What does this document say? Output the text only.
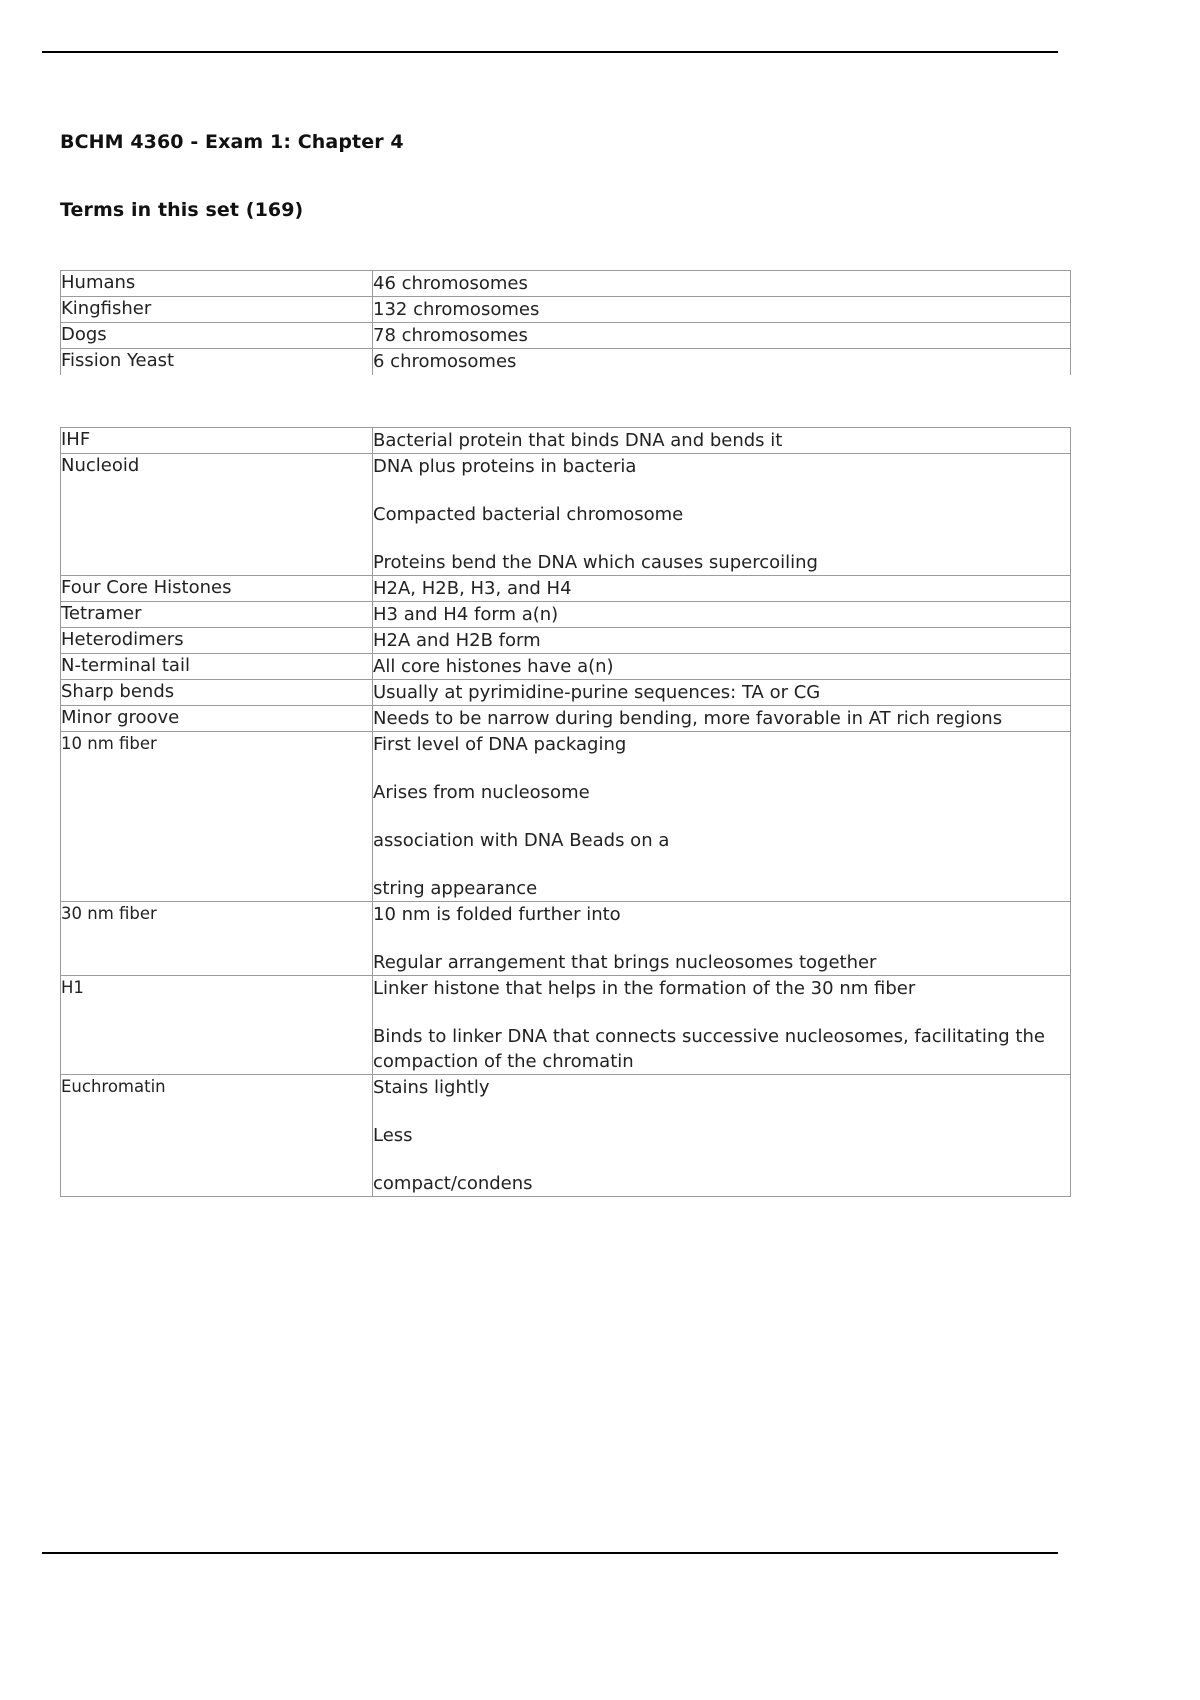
BCHM 4360 - Exam 1: Chapter 4
Terms in this set (169)
Humans	46 chromosomes
Kingfisher	132 chromosomes
Dogs	78 chromosomes
Fission Yeast	6 chromosomes
IHF	Bacterial protein that binds DNA and bends it

Nucleoid	DNA plus proteins in bacteria

Compacted bacterial chromosome

Proteins bend the DNA which causes supercoiling

Four Core Histones	H2A, H2B, H3, and H4

Tetramer	H3 and H4 form a(n)

Heterodimers	H2A and H2B form

N-terminal tail	All core histones have a(n)

Sharp bends	Usually at pyrimidine-purine sequences: TA or CG

Minor groove	Needs to be narrow during bending, more favorable in AT rich regions

10 nm fiber	First level of DNA packaging

Arises from nucleosome

association with DNA Beads on a

string appearance

30 nm fiber	10 nm is folded further into

Regular arrangement that brings nucleosomes together

H1	Linker histone that helps in the formation of the 30 nm fiber

Binds to linker DNA that connects successive nucleosomes, facilitating the compaction of the chromatin

Euchromatin	Stains lightly

Less

compact/condens
